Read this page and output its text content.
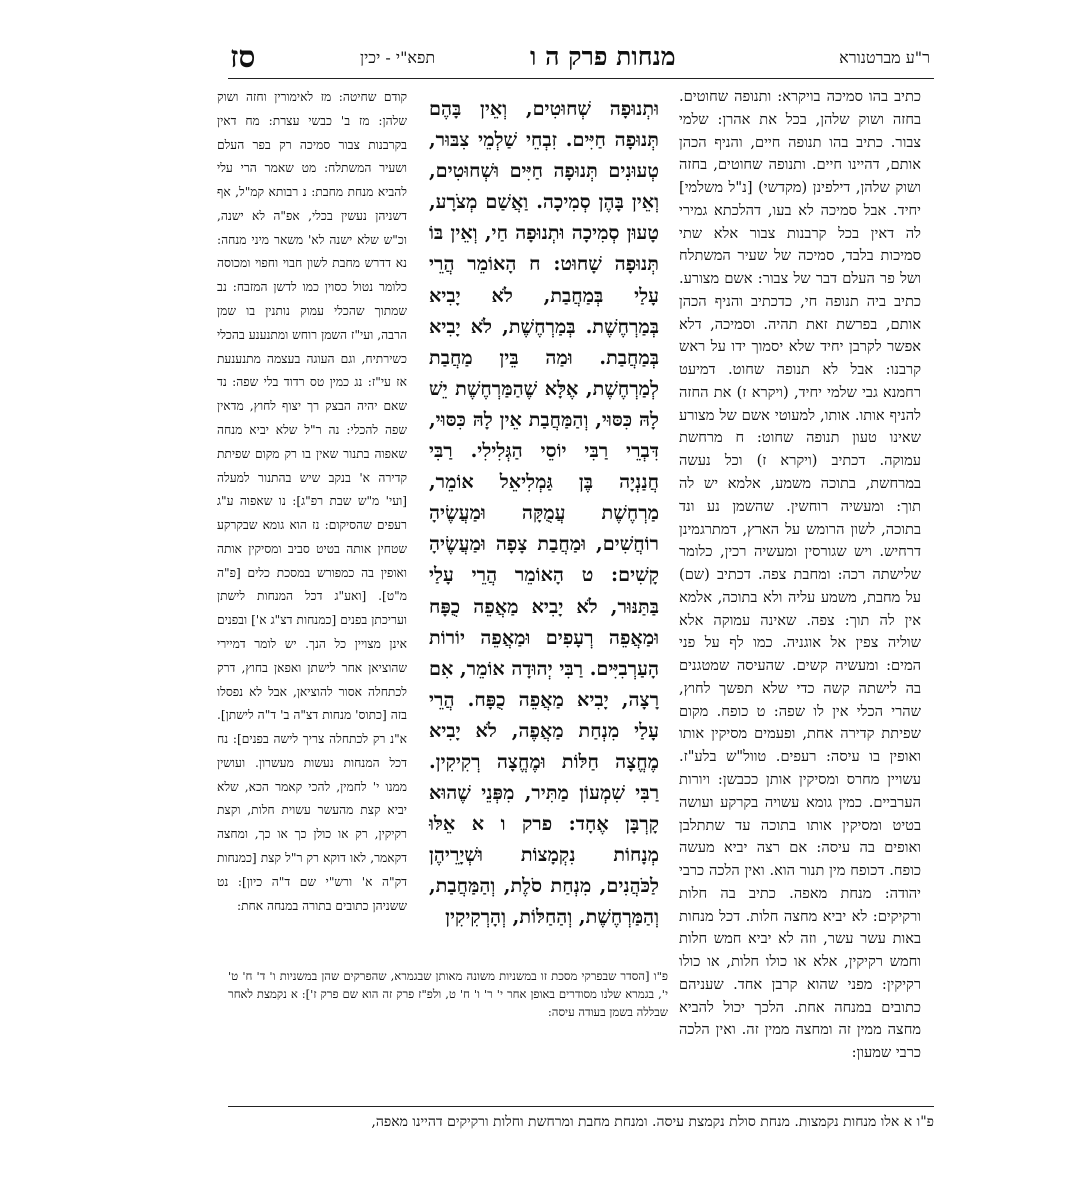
סז	תפא"י - יכין	מנחות פרק ה ו	ר"ע מברטנורא

כתיב בהו סמיכה בויקרא: ותנופה שחוטים. בחזה ושוק שלהן, בכל את אהרן: שלמי צבור. כתיב בהו תנופה חיים, והניף הכהן אותם, דהיינו חיים. ותנופה שחוטים, בחזה ושוק שלהן, דילפינן (מקדשי) [נ"ל משלמי] יחיד. אבל סמיכה לא בעו, דהלכתא גמירי לה דאין בכל קרבנות צבור אלא שתי סמיכות בלבד, סמיכה של שעיר המשתלח ושל פר העלם דבר של צבור: אשם מצורע. כתיב ביה תנופה חי, כדכתיב והניף הכהן אותם, בפרשת זאת תהיה. וסמיכה, דלא אפשר לקרבן יחיד שלא יסמוך ידו על ראש קרבנו: אבל לא תנופה שחוט. דמיעט רחמנא גבי שלמי יחיד, (ויקרא ז) את החזה להניף אותו. אותו, למעוטי אשם של מצורע שאינו טעון תנופה שחוט: ח מרחשת עמוקה. דכתיב (ויקרא ז) וכל נעשה במרחשת, בתוכה משמע, אלמא יש לה תוך: ומעשיה רוחשין. שהשמן נע ונד בתוכה, לשון הרומש על הארץ, דמתרגמינן דרחיש. ויש שגורסין ומעשיה רכין, כלומר שלישתה רכה: ומחבת צפה. דכתיב (שם) על מחבת, משמע עליה ולא בתוכה, אלמא אין לה תוך: צפה. שאינה עמוקה אלא שוליה צפין אל אוגניה. כמו לף על פני המים: ומעשיה קשים. שהעיסה שמטגנים בה לישתה קשה כדי שלא תפשך לחוץ, שהרי הכלי אין לו שפה: ט כופח. מקום שפיתת קדירה אחת, ופעמים מסיקין אותו ואופין בו עיסה: רעפים. טוול"ש בלע"ז. עשויין מחרס ומסיקין אותן ככבשן: ויורות הערביים. כמין גומא עשויה בקרקע ועושה בטיט ומסיקין אותו בתוכה עד שתתלבן ואופים בה עיסה: אם רצה יביא מעשה כופח. דכופח מין תנור הוא. ואין הלכה כרבי יהודה: מנחת מאפה. כתיב בה חלות ורקיקים: לא יביא מחצה חלות. דכל מנחות באות עשר עשר, וזה לא יביא חמש חלות וחמש רקיקין, אלא או כולו חלות, או כולו רקיקין: מפני שהוא קרבן אחד. שעניהם כתובים במנחה אחת. הלכך יכול להביא מחצה ממין זה ומחצה ממין זה. ואין הלכה כרבי שמעון:

וּתְנוּפָה שְׁחוּטִים, וְאֵין בָּהֶם תְּנוּפָה חַיִּים. זִבְחֵי שַׁלְמֵי צִבּוּר, טְעוּנִים תְּנוּפָה חַיִּים וּשְׁחוּטִים, וְאֵין בָּהֶן סְמִיכָה. וַאֲשַׁם מְצֹרָע, טָעוּן סְמִיכָה וּתְנוּפָה חַי, וְאֵין בּוֹ תְּנוּפָה שָׁחוּט: ח הָאוֹמֵר הֲרֵי עָלַי בְּמַחֲבַת, לֹא יָבִיא בְּמַרְחֶשֶׁת. בְּמַרְחֶשֶׁת, לֹא יָבִיא בְּמַחֲבַת. וּמַה בֵּין מַחֲבַת לְמַרְחֶשֶׁת, אֶלָּא שֶׁהַמַּרְחֶשֶׁת יֵשׁ לָהּ כִּסּוּי, וְהַמַּחֲבַת אֵין לָהּ כִּסּוּי, דִּבְרֵי רַבִּי יוֹסֵי הַגְּלִילִי. רַבִּי חֲנַנְיָה בֶּן גַּמְלִיאֵל אוֹמֵר, מַרְחֶשֶׁת עֲמֻקָּה וּמַעֲשֶׂיהָ רוֹחֲשִׁים, וּמַחֲבַת צָפָה וּמַעֲשֶׂיהָ קָשִׁים: ט הָאוֹמֵר הֲרֵי עָלַי בַּתַּנּוּר, לֹא יָבִיא מַאֲפֵה כֻפָּח וּמַאֲפֵה רְעָפִים וּמַאֲפֵה יוֹרוֹת הָעַרְבִיִּים. רַבִּי יְהוּדָה אוֹמֵר, אִם רָצָה, יָבִיא מַאֲפֵה כֻפָּח. הֲרֵי עָלַי מִנְחַת מַאֲפֶה, לֹא יָבִיא מֶחֱצָה חַלּוֹת וּמֶחֱצָה רְקִיקִין. רַבִּי שִׁמְעוֹן מַתִּיר, מִפְּנֵי שֶׁהוּא קָרְבָּן אֶחָד: פרק ו א אֵלּוּ מְנָחוֹת נִקְמָצוֹת וּשְׁיָרֵיהֶן לַכֹּהֲנִים, מִנְחַת סֹלֶת, וְהַמַּחֲבַת, וְהַמַּרְחֶשֶׁת, וְהַחַלּוֹת, וְהָרְקִיקִין

קודם שחיטה: מז לאימורין וחזה ושוק שלהן: מז ב' כבשי עצרת: מח דאין בקרבנות צבור סמיכה רק בפר העלם ושעיר המשתלח: מט שאמר הרי עלי להביא מנחת מחבת: נ רבותא קמ"ל, אף דשניהן נעשין בכלי, אפ"ה לא ישנה, וכ"ש שלא ישנה לא' משאר מיני מנחה: נא דדרש מחבת לשון חבוי וחפוי ומכוסה כלומר נטול כסוין כמו לדשן המזבח: נב שמתוך שהכלי עמוק נותנין בו שמן הרבה, ועי"ז השמן רוחש ומתנענע בהכלי כשירתיח, וגם העוגה בעצמה מתנענעת אז עי"ז: נג כמין טס רדוד בלי שפה: נד שאם יהיה הבצק רך יצוף לחוץ, מדאין שפה להכלי: נה ר"ל שלא יביא מנחה שאפוה בתנור שאין בו רק מקום שפיתת קדירה א' בנקב שיש בהתנור למעלה [ועי' מ"ש שבת רפ"ג]: נו שאפוה ע"ג רעפים שהסיקום: נז הוא גומא שבקרקע שטחין אותה בטיט סביב ומסיקין אותה ואופין בה כמפורש במסכת כלים [פ"ה מ"ט]. [ואע"ג דכל המנחות לישתן ועריכתן בפנים [כמנחות דצ"ג א'] ובפנים אינן מצויין כל הנך. יש לומר דמיירי שהוציאן אחר לישתן ואפאן בחוץ, דרק לכתחלה אסור להוציאן, אבל לא נפסלו בזה [כתוס' מנחות דצ"ה ב' ד"ה לישתן]. א"נ רק לכתחלה צריך לישה בפנים]: נח דכל המנחות נעשות מעשרון. ועושין ממנו י' לחמין, להכי קאמר הכא, שלא יביא קצת מהעשר עשוית חלות, וקצת רקיקין, רק או כולן כך או כך, ומחצה דקאמר, לאו דוקא רק ר"ל קצת [כמנחות דק"ה א' ורש"י שם ד"ה כיון]: נט ששניהן כתובים בתורה במנחה אחת:

פ"ו [הסדר שבפרקי מסכת זו במשניות משונה מאותן שבגמרא, שהפרקים שהן במשניות ו' ד' ח' ט' י', בגמרא שלנו מסודרים באופן אחר י' ר' ו' ח' ט, ולפ"ז פרק זה הוא שם פרק ז']: א נקמצת לאחר שבללה בשמן בעודה עיסה:

פ"ו א אלו מנחות נקמצות. מנחת סולת נקמצת עיסה. ומנחת מחבת ומרחשת וחלות ורקיקים דהיינו מאפה,
